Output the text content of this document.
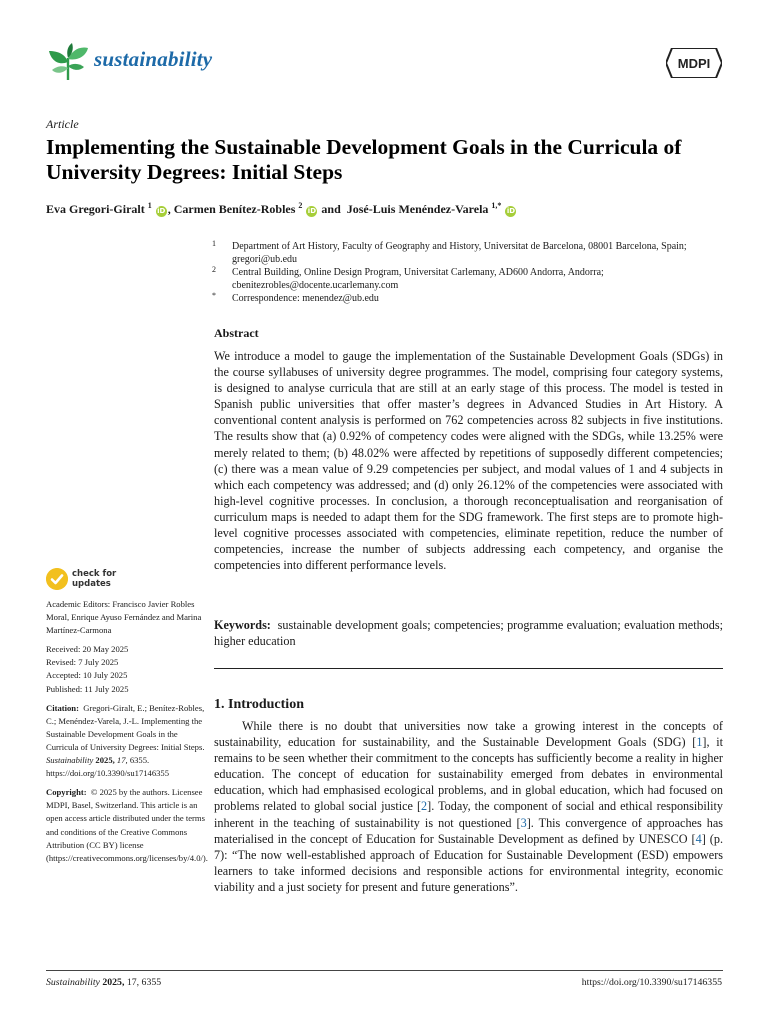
sustainability	MDPI
Article
Implementing the Sustainable Development Goals in the Curricula of University Degrees: Initial Steps
Eva Gregori-Giralt $^1$ iD , Carmen Benítez-Robles $^2$ iD and  José-Luis Menéndez-Varela $^{1,*}$ iD
1 Department of Art History, Faculty of Geography and History, Universitat de Barcelona, 08001 Barcelona, Spain; gregori@ub.edu
2 Central Building, Online Design Program, Universitat Carlemany, AD600 Andorra, Andorra; cbenitezrobles@docente.ucarlemany.com
* Correspondence: menendez@ub.edu
Abstract
We introduce a model to gauge the implementation of the Sustainable Development Goals (SDGs) in the course syllabuses of university degree programmes. The model, comprising four category systems, is designed to analyse curricula that are still at an early stage of this process. The model is tested in Spanish public universities that offer master’s degrees in Advanced Studies in Art History. A conventional content analysis is performed on 762 competencies across 82 subjects in five institutions. The results show that (a) 0.92% of competency codes were aligned with the SDGs, while 13.25% were merely related to them; (b) 48.02% were affected by repetitions of supposedly different competencies; (c) there was a mean value of 9.29 competencies per subject, and modal values of 1 and 4 subjects in which each competency was addressed; and (d) only 26.12% of the competencies were associated with high-level cognitive processes. In conclusion, a thorough reconceptualisation and reorganisation of curriculum maps is needed to adapt them for the SDG framework. The first steps are to promote high-level cognitive processes associated with competencies, eliminate repetition, reduce the number of competencies, increase the number of subjects addressing each competency, and organise the competencies into different performance levels.
Keywords: sustainable development goals; competencies; programme evaluation; evaluation methods; higher education
1. Introduction
While there is no doubt that universities now take a growing interest in the concepts of sustainability, education for sustainability, and the Sustainable Development Goals (SDG) [1], it remains to be seen whether their commitment to the concepts has sufficiently become a reality in higher education. The concept of education for sustainability emerged from debates in environmental education, which had emphasised ecological problems, and in global education, which had focused on problems related to global social justice [2]. Today, the component of social and ethical responsibility inherent in the teaching of sustainability is not questioned [3]. This convergence of approaches has materialised in the concept of Education for Sustainable Development as defined by UNESCO [4] (p. 7): “The now well-established approach of Education for Sustainable Development (ESD) empowers learners to take informed decisions and responsible actions for environmental integrity, economic viability and a just society for present and future generations”.
check for
updates

Academic Editors: Francisco Javier Robles Moral, Enrique Ayuso Fernández and Marina Martínez-Carmona

Received: 20 May 2025
Revised: 7 July 2025
Accepted: 10 July 2025
Published: 11 July 2025

Citation: Gregori-Giralt, E.; Benítez-Robles, C.; Menéndez-Varela, J.-L. Implementing the Sustainable Development Goals in the Curricula of University Degrees: Initial Steps. Sustainability 2025, 17, 6355. https://doi.org/10.3390/su17146355

Copyright: © 2025 by the authors. Licensee MDPI, Basel, Switzerland. This article is an open access article distributed under the terms and conditions of the Creative Commons Attribution (CC BY) license (https://creativecommons.org/licenses/by/4.0/).

Sustainability 2025, 17, 6355	https://doi.org/10.3390/su17146355
